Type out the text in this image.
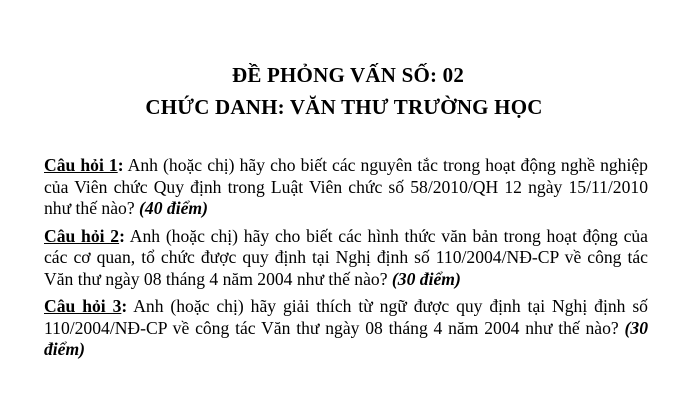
ĐỀ PHỎNG VẤN SỐ: 02
CHỨC DANH: VĂN THƯ TRƯỜNG HỌC

Câu hỏi 1: Anh (hoặc chị) hãy cho biết các nguyên tắc trong hoạt động nghề nghiệp của Viên chức Quy định trong Luật Viên chức số 58/2010/QH 12 ngày 15/11/2010 như thế nào? (40 điểm)

Câu hỏi 2: Anh (hoặc chị) hãy cho biết các hình thức văn bản trong hoạt động của các cơ quan, tổ chức được quy định tại Nghị định số 110/2004/NĐ-CP về công tác Văn thư ngày 08 tháng 4 năm 2004 như thế nào? (30 điểm)

Câu hỏi 3: Anh (hoặc chị) hãy giải thích từ ngữ được quy định tại Nghị định số 110/2004/NĐ-CP về công tác Văn thư ngày 08 tháng 4 năm 2004 như thế nào? (30 điểm)
